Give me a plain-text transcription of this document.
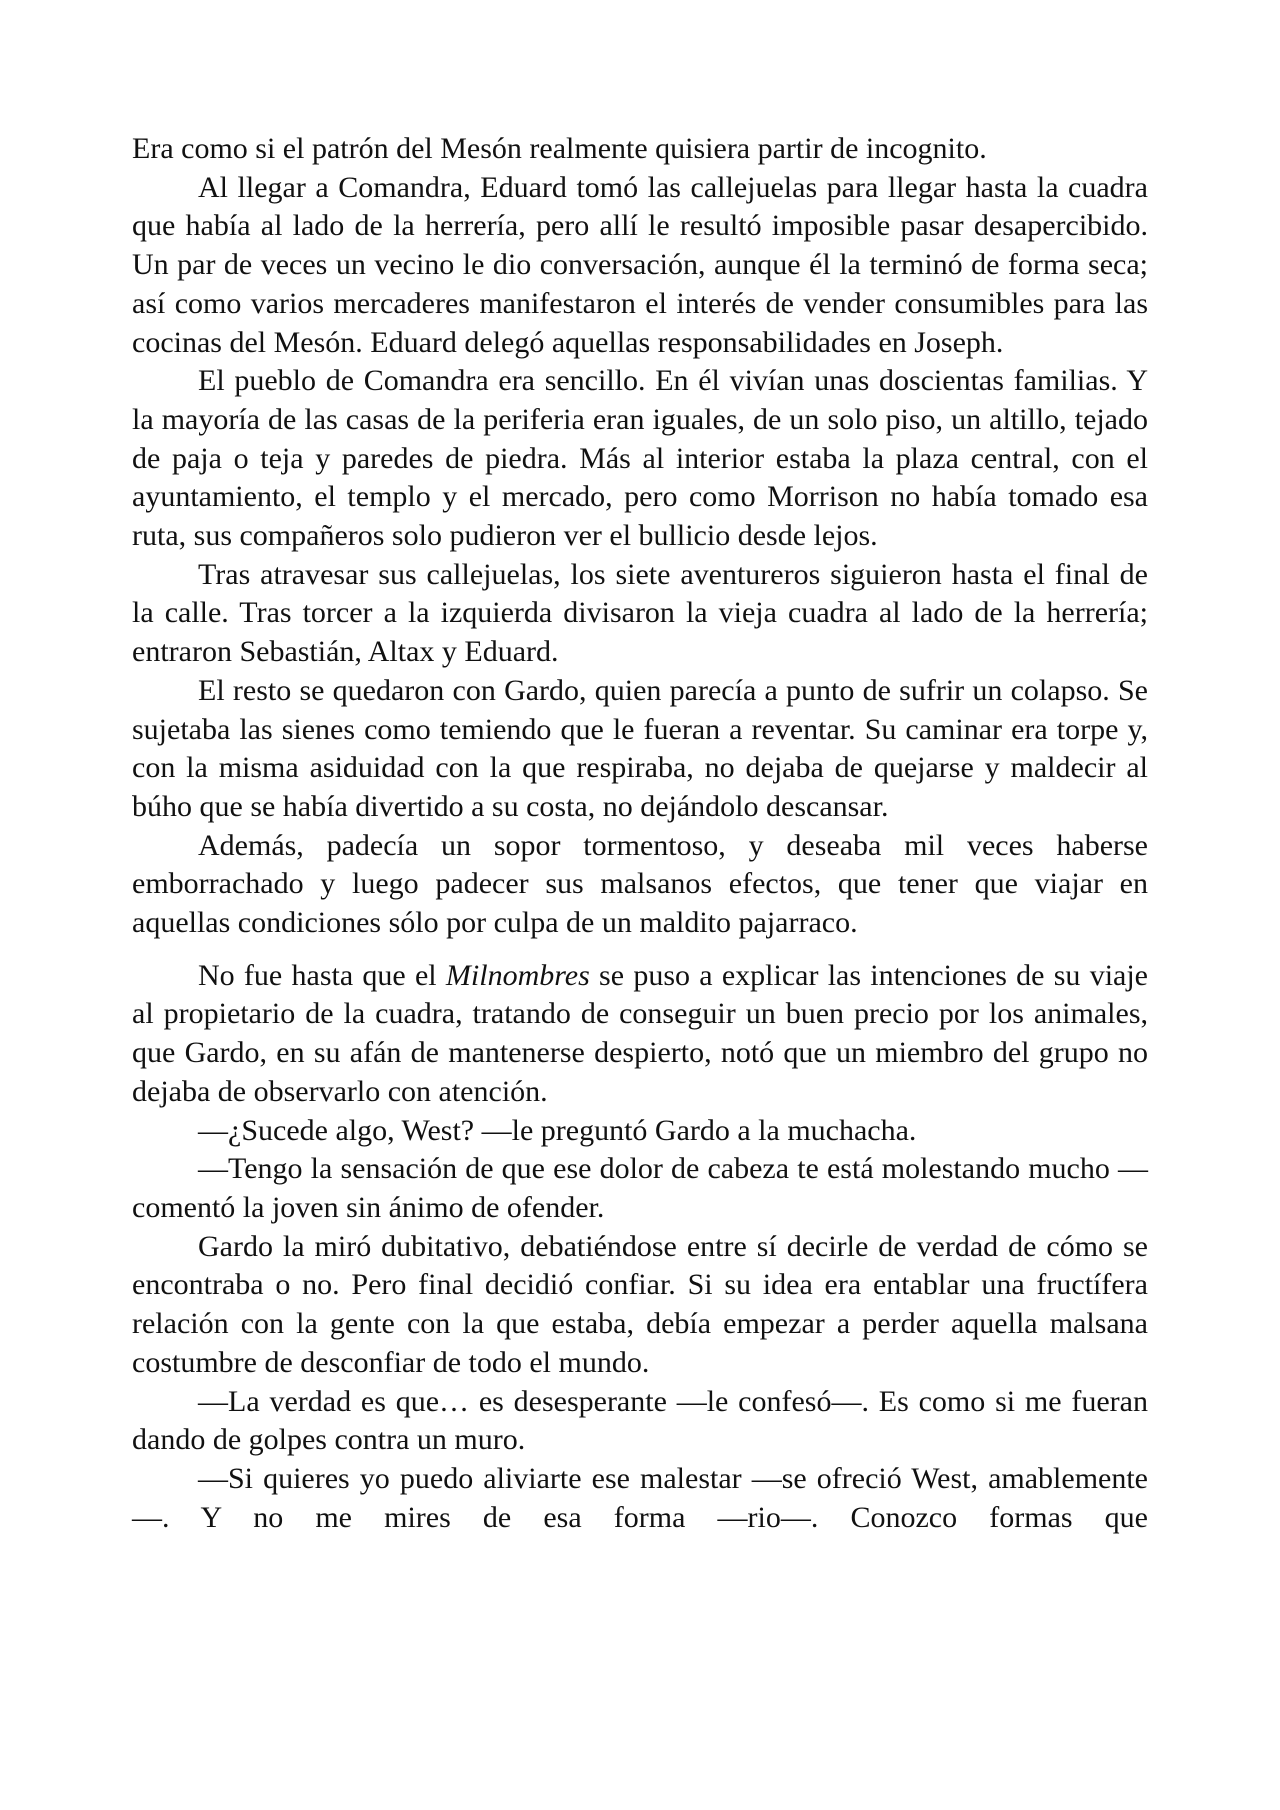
Era como si el patrón del Mesón realmente quisiera partir de incognito.

Al llegar a Comandra, Eduard tomó las callejuelas para llegar hasta la cuadra que había al lado de la herrería, pero allí le resultó imposible pasar desapercibido. Un par de veces un vecino le dio conversación, aunque él la terminó de forma seca; así como varios mercaderes manifestaron el interés de vender consumibles para las cocinas del Mesón. Eduard delegó aquellas responsabilidades en Joseph.

El pueblo de Comandra era sencillo. En él vivían unas doscientas familias. Y la mayoría de las casas de la periferia eran iguales, de un solo piso, un altillo, tejado de paja o teja y paredes de piedra. Más al interior estaba la plaza central, con el ayuntamiento, el templo y el mercado, pero como Morrison no había tomado esa ruta, sus compañeros solo pudieron ver el bullicio desde lejos.

Tras atravesar sus callejuelas, los siete aventureros siguieron hasta el final de la calle. Tras torcer a la izquierda divisaron la vieja cuadra al lado de la herrería; entraron Sebastián, Altax y Eduard.

El resto se quedaron con Gardo, quien parecía a punto de sufrir un colapso. Se sujetaba las sienes como temiendo que le fueran a reventar. Su caminar era torpe y, con la misma asiduidad con la que respiraba, no dejaba de quejarse y maldecir al búho que se había divertido a su costa, no dejándolo descansar.

Además, padecía un sopor tormentoso, y deseaba mil veces haberse emborrachado y luego padecer sus malsanos efectos, que tener que viajar en aquellas condiciones sólo por culpa de un maldito pajarraco.

No fue hasta que el Milnombres se puso a explicar las intenciones de su viaje al propietario de la cuadra, tratando de conseguir un buen precio por los animales, que Gardo, en su afán de mantenerse despierto, notó que un miembro del grupo no dejaba de observarlo con atención.

—¿Sucede algo, West? —le preguntó Gardo a la muchacha.

—Tengo la sensación de que ese dolor de cabeza te está molestando mucho —comentó la joven sin ánimo de ofender.

Gardo la miró dubitativo, debatiéndose entre sí decirle de verdad de cómo se encontraba o no. Pero final decidió confiar. Si su idea era entablar una fructífera relación con la gente con la que estaba, debía empezar a perder aquella malsana costumbre de desconfiar de todo el mundo.

—La verdad es que… es desesperante —le confesó—. Es como si me fueran dando de golpes contra un muro.

—Si quieres yo puedo aliviarte ese malestar —se ofreció West, amablemente—. Y no me mires de esa forma —rio—. Conozco formas que
